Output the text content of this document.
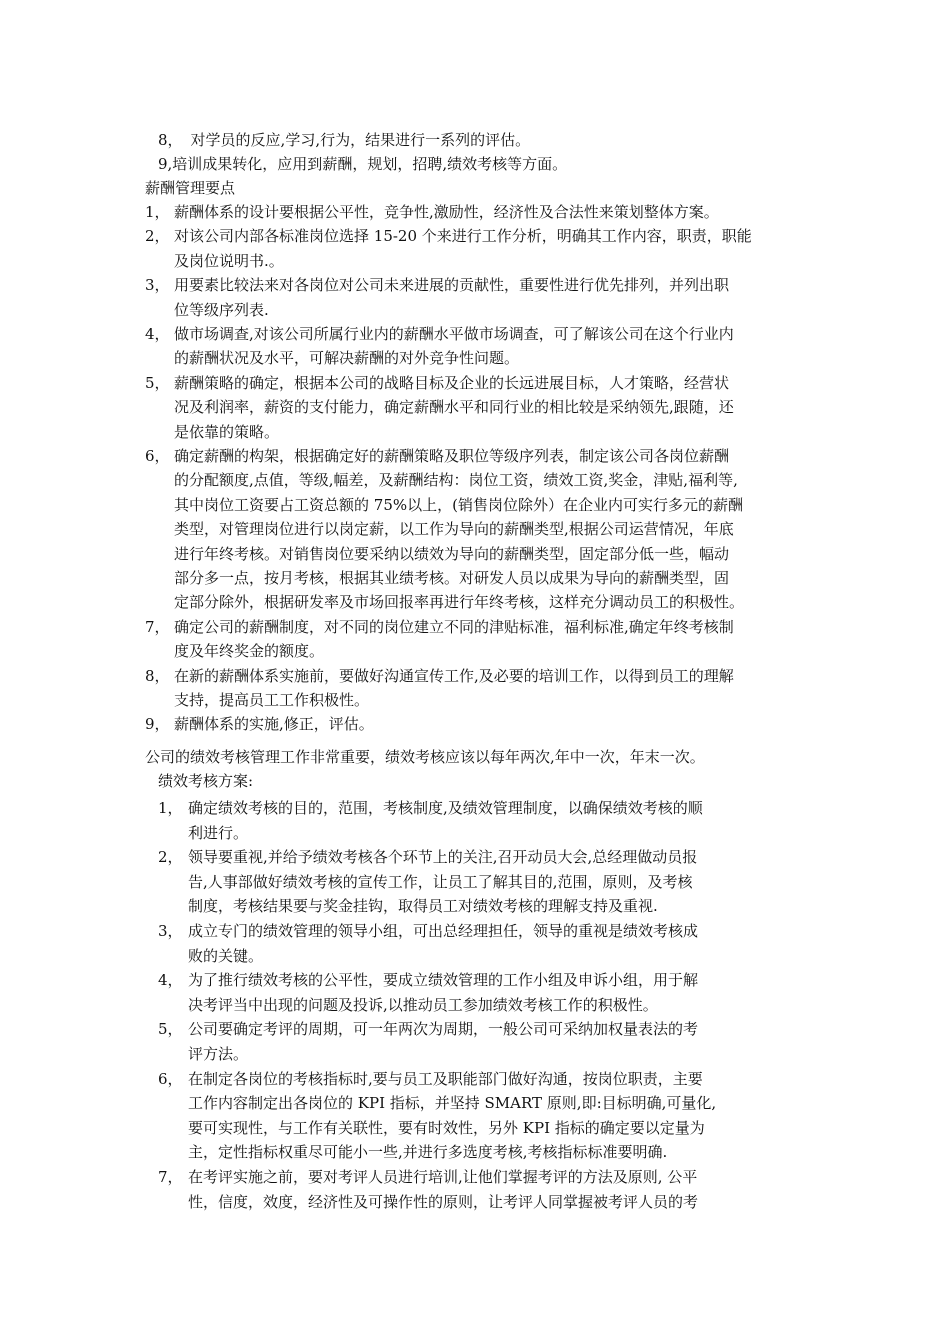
8， 对学员的反应,学习,行为，结果进行一系列的评估。
9,培训成果转化，应用到薪酬，规划，招聘,绩效考核等方面。
薪酬管理要点
1， 薪酬体系的设计要根据公平性，竞争性,激励性，经济性及合法性来策划整体方案。
2， 对该公司内部各标准岗位选择 15-20 个来进行工作分析，明确其工作内容，职责，职能
及岗位说明书.。
3， 用要素比较法来对各岗位对公司未来进展的贡献性，重要性进行优先排列，并列出职
位等级序列表.
4， 做市场调查,对该公司所属行业内的薪酬水平做市场调查，可了解该公司在这个行业内
的薪酬状况及水平，可解决薪酬的对外竞争性问题。
5， 薪酬策略的确定，根据本公司的战略目标及企业的长远进展目标，人才策略，经营状
况及利润率，薪资的支付能力，确定薪酬水平和同行业的相比较是采纳领先,跟随，还
是依靠的策略。
6， 确定薪酬的构架，根据确定好的薪酬策略及职位等级序列表，制定该公司各岗位薪酬
的分配额度,点值，等级,幅差，及薪酬结构：岗位工资，绩效工资,奖金，津贴,福利等,
其中岗位工资要占工资总额的 75%以上，(销售岗位除外）在企业内可实行多元的薪酬
类型，对管理岗位进行以岗定薪，以工作为导向的薪酬类型,根据公司运营情况，年底
进行年终考核。对销售岗位要采纳以绩效为导向的薪酬类型，固定部分低一些，幅动
部分多一点，按月考核，根据其业绩考核。对研发人员以成果为导向的薪酬类型，固
定部分除外，根据研发率及市场回报率再进行年终考核，这样充分调动员工的积极性。
7， 确定公司的薪酬制度，对不同的岗位建立不同的津贴标准，福利标准,确定年终考核制
度及年终奖金的额度。
8， 在新的薪酬体系实施前，要做好沟通宣传工作,及必要的培训工作，以得到员工的理解
支持，提高员工工作积极性。
9， 薪酬体系的实施,修正，评估。
公司的绩效考核管理工作非常重要，绩效考核应该以每年两次,年中一次，年末一次。
绩效考核方案:
1， 确定绩效考核的目的，范围，考核制度,及绩效管理制度，以确保绩效考核的顺
利进行。
2， 领导要重视,并给予绩效考核各个环节上的关注,召开动员大会,总经理做动员报
告,人事部做好绩效考核的宣传工作，让员工了解其目的,范围，原则，及考核
制度，考核结果要与奖金挂钩，取得员工对绩效考核的理解支持及重视.
3， 成立专门的绩效管理的领导小组，可出总经理担任，领导的重视是绩效考核成
败的关键。
4， 为了推行绩效考核的公平性，要成立绩效管理的工作小组及申诉小组，用于解
决考评当中出现的问题及投诉,以推动员工参加绩效考核工作的积极性。
5， 公司要确定考评的周期，可一年两次为周期，一般公司可采纳加权量表法的考
评方法。
6， 在制定各岗位的考核指标时,要与员工及职能部门做好沟通，按岗位职责，主要
工作内容制定出各岗位的 KPI 指标，并坚持 SMART 原则,即:目标明确,可量化,
要可实现性，与工作有关联性，要有时效性，另外 KPI 指标的确定要以定量为
主，定性指标权重尽可能小一些,并进行多选度考核,考核指标标准要明确.
7， 在考评实施之前，要对考评人员进行培训,让他们掌握考评的方法及原则, 公平
性，信度，效度，经济性及可操作性的原则，让考评人同掌握被考评人员的考
